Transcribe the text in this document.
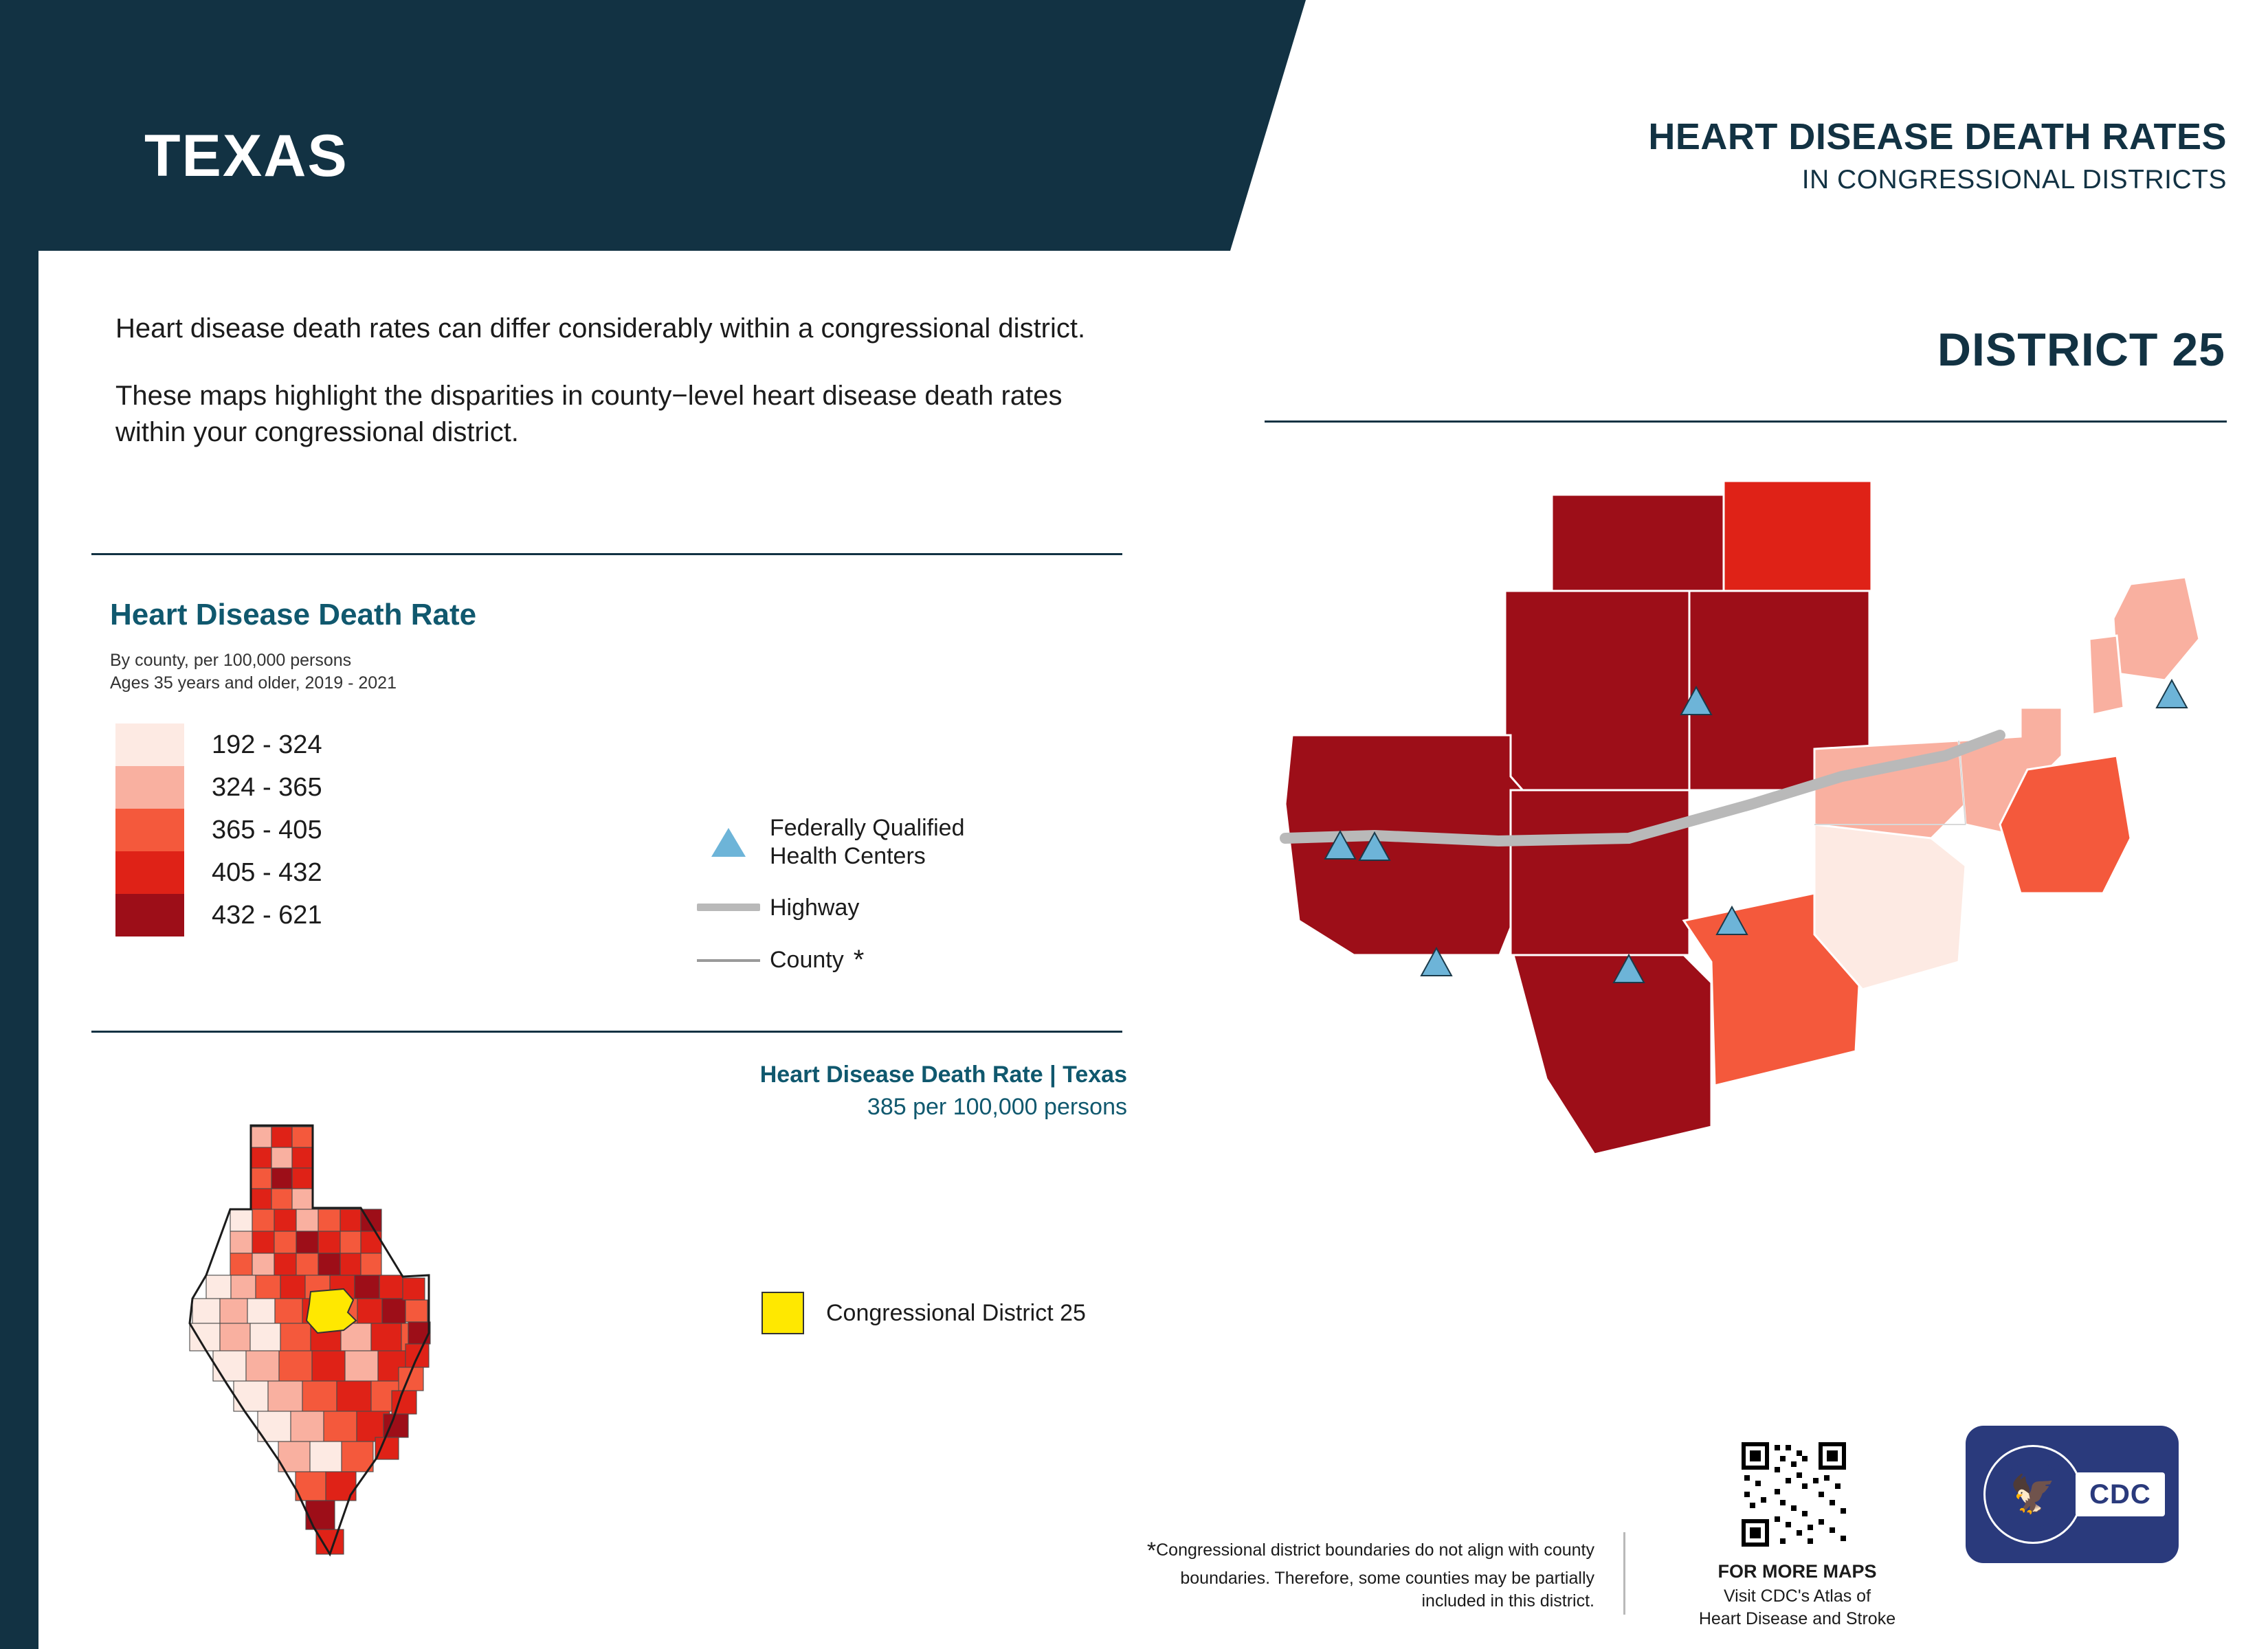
TEXAS	HEART DISEASE DEATH RATES
IN CONGRESSIONAL DISTRICTS

Heart disease death rates can differ considerably within a congressional district.

These maps highlight the disparities in county−level heart disease death rates within your congressional district.

Heart Disease Death Rate
By county, per 100,000 persons
Ages 35 years and older, 2019 - 2021
192 - 324
324 - 365
365 - 405
405 - 432
432 - 621
Federally Qualified
Health Centers
Highway
County *
Heart Disease Death Rate | Texas
385 per 100,000 persons
Congressional District 25
DISTRICT 25
*Congressional district boundaries do not align with county boundaries. Therefore, some counties may be partially included in this district.
FOR MORE MAPS
Visit CDC's Atlas of
Heart Disease and Stroke
🦅	CDC
